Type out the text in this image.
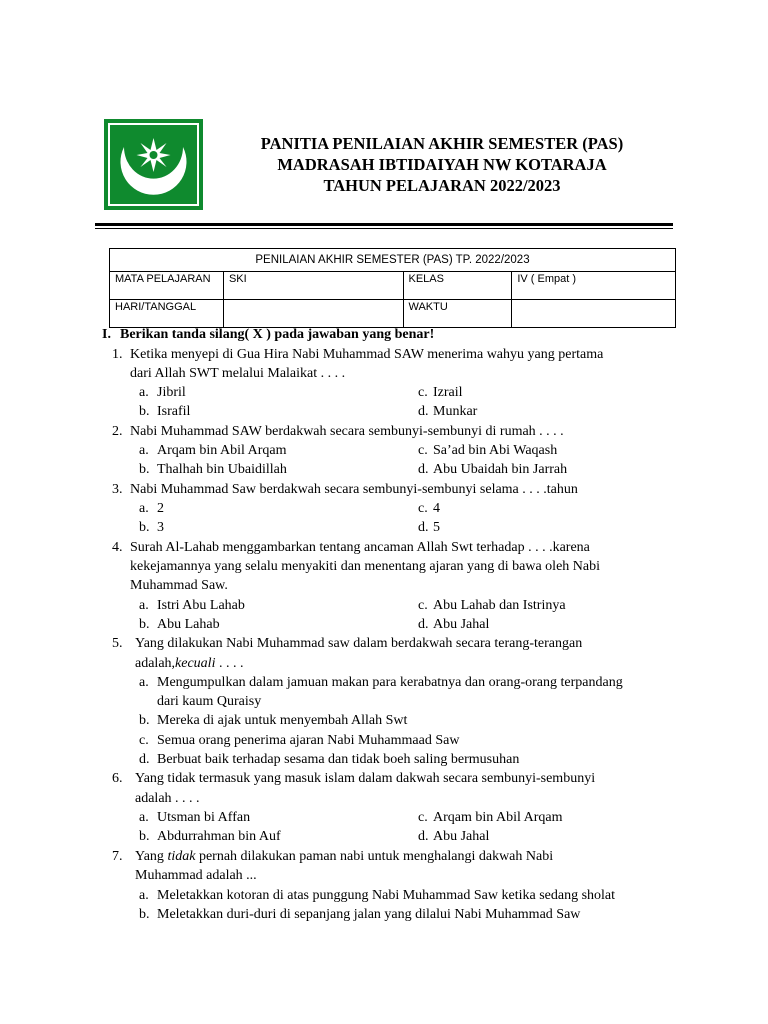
PANITIA PENILAIAN AKHIR SEMESTER (PAS)
MADRASAH IBTIDAIYAH NW KOTARAJA
TAHUN PELAJARAN 2022/2023
PENILAIAN AKHIR SEMESTER (PAS) TP. 2022/2023			
MATA PELAJARAN	SKI	KELAS	IV ( Empat )
HARI/TANGGAL		WAKTU	
I. Berikan tanda silang( X ) pada jawaban yang benar!
1. Ketika menyepi di Gua Hira Nabi Muhammad SAW menerima wahyu yang pertama
dari Allah SWT melalui Malaikat . . . .
a. Jibril
b. Israfil
c. Izrail
d. Munkar
2. Nabi Muhammad SAW berdakwah secara sembunyi-sembunyi di rumah . . . .
a. Arqam bin Abil Arqam
b. Thalhah bin Ubaidillah
c. Sa’ad bin Abi Waqash
d. Abu Ubaidah bin Jarrah
3. Nabi Muhammad Saw berdakwah secara sembunyi-sembunyi selama . . . .tahun
a. 2
b. 3
c. 4
d. 5
4. Surah Al-Lahab menggambarkan tentang ancaman Allah Swt terhadap . . . .karena
kekejamannya yang selalu menyakiti dan menentang ajaran yang di bawa oleh Nabi
Muhammad Saw.
a. Istri Abu Lahab
b. Abu Lahab
c. Abu Lahab dan Istrinya
d. Abu Jahal
5. Yang dilakukan Nabi Muhammad saw dalam berdakwah secara terang-terangan
adalah,kecuali . . . .
a. Mengumpulkan dalam jamuan makan para kerabatnya dan orang-orang terpandang
dari kaum Quraisy
b. Mereka di ajak untuk menyembah Allah Swt
c. Semua orang penerima ajaran Nabi Muhammaad Saw
d. Berbuat baik terhadap sesama dan tidak boeh saling bermusuhan
6. Yang tidak termasuk yang masuk islam dalam dakwah secara sembunyi-sembunyi
adalah . . . .
a. Utsman bi Affan
b. Abdurrahman bin Auf
c. Arqam bin Abil Arqam
d. Abu Jahal
7. Yang tidak pernah dilakukan paman nabi untuk menghalangi dakwah Nabi
Muhammad adalah ...
a. Meletakkan kotoran di atas punggung Nabi Muhammad Saw ketika sedang sholat
b. Meletakkan duri-duri di sepanjang jalan yang dilalui Nabi Muhammad Saw
